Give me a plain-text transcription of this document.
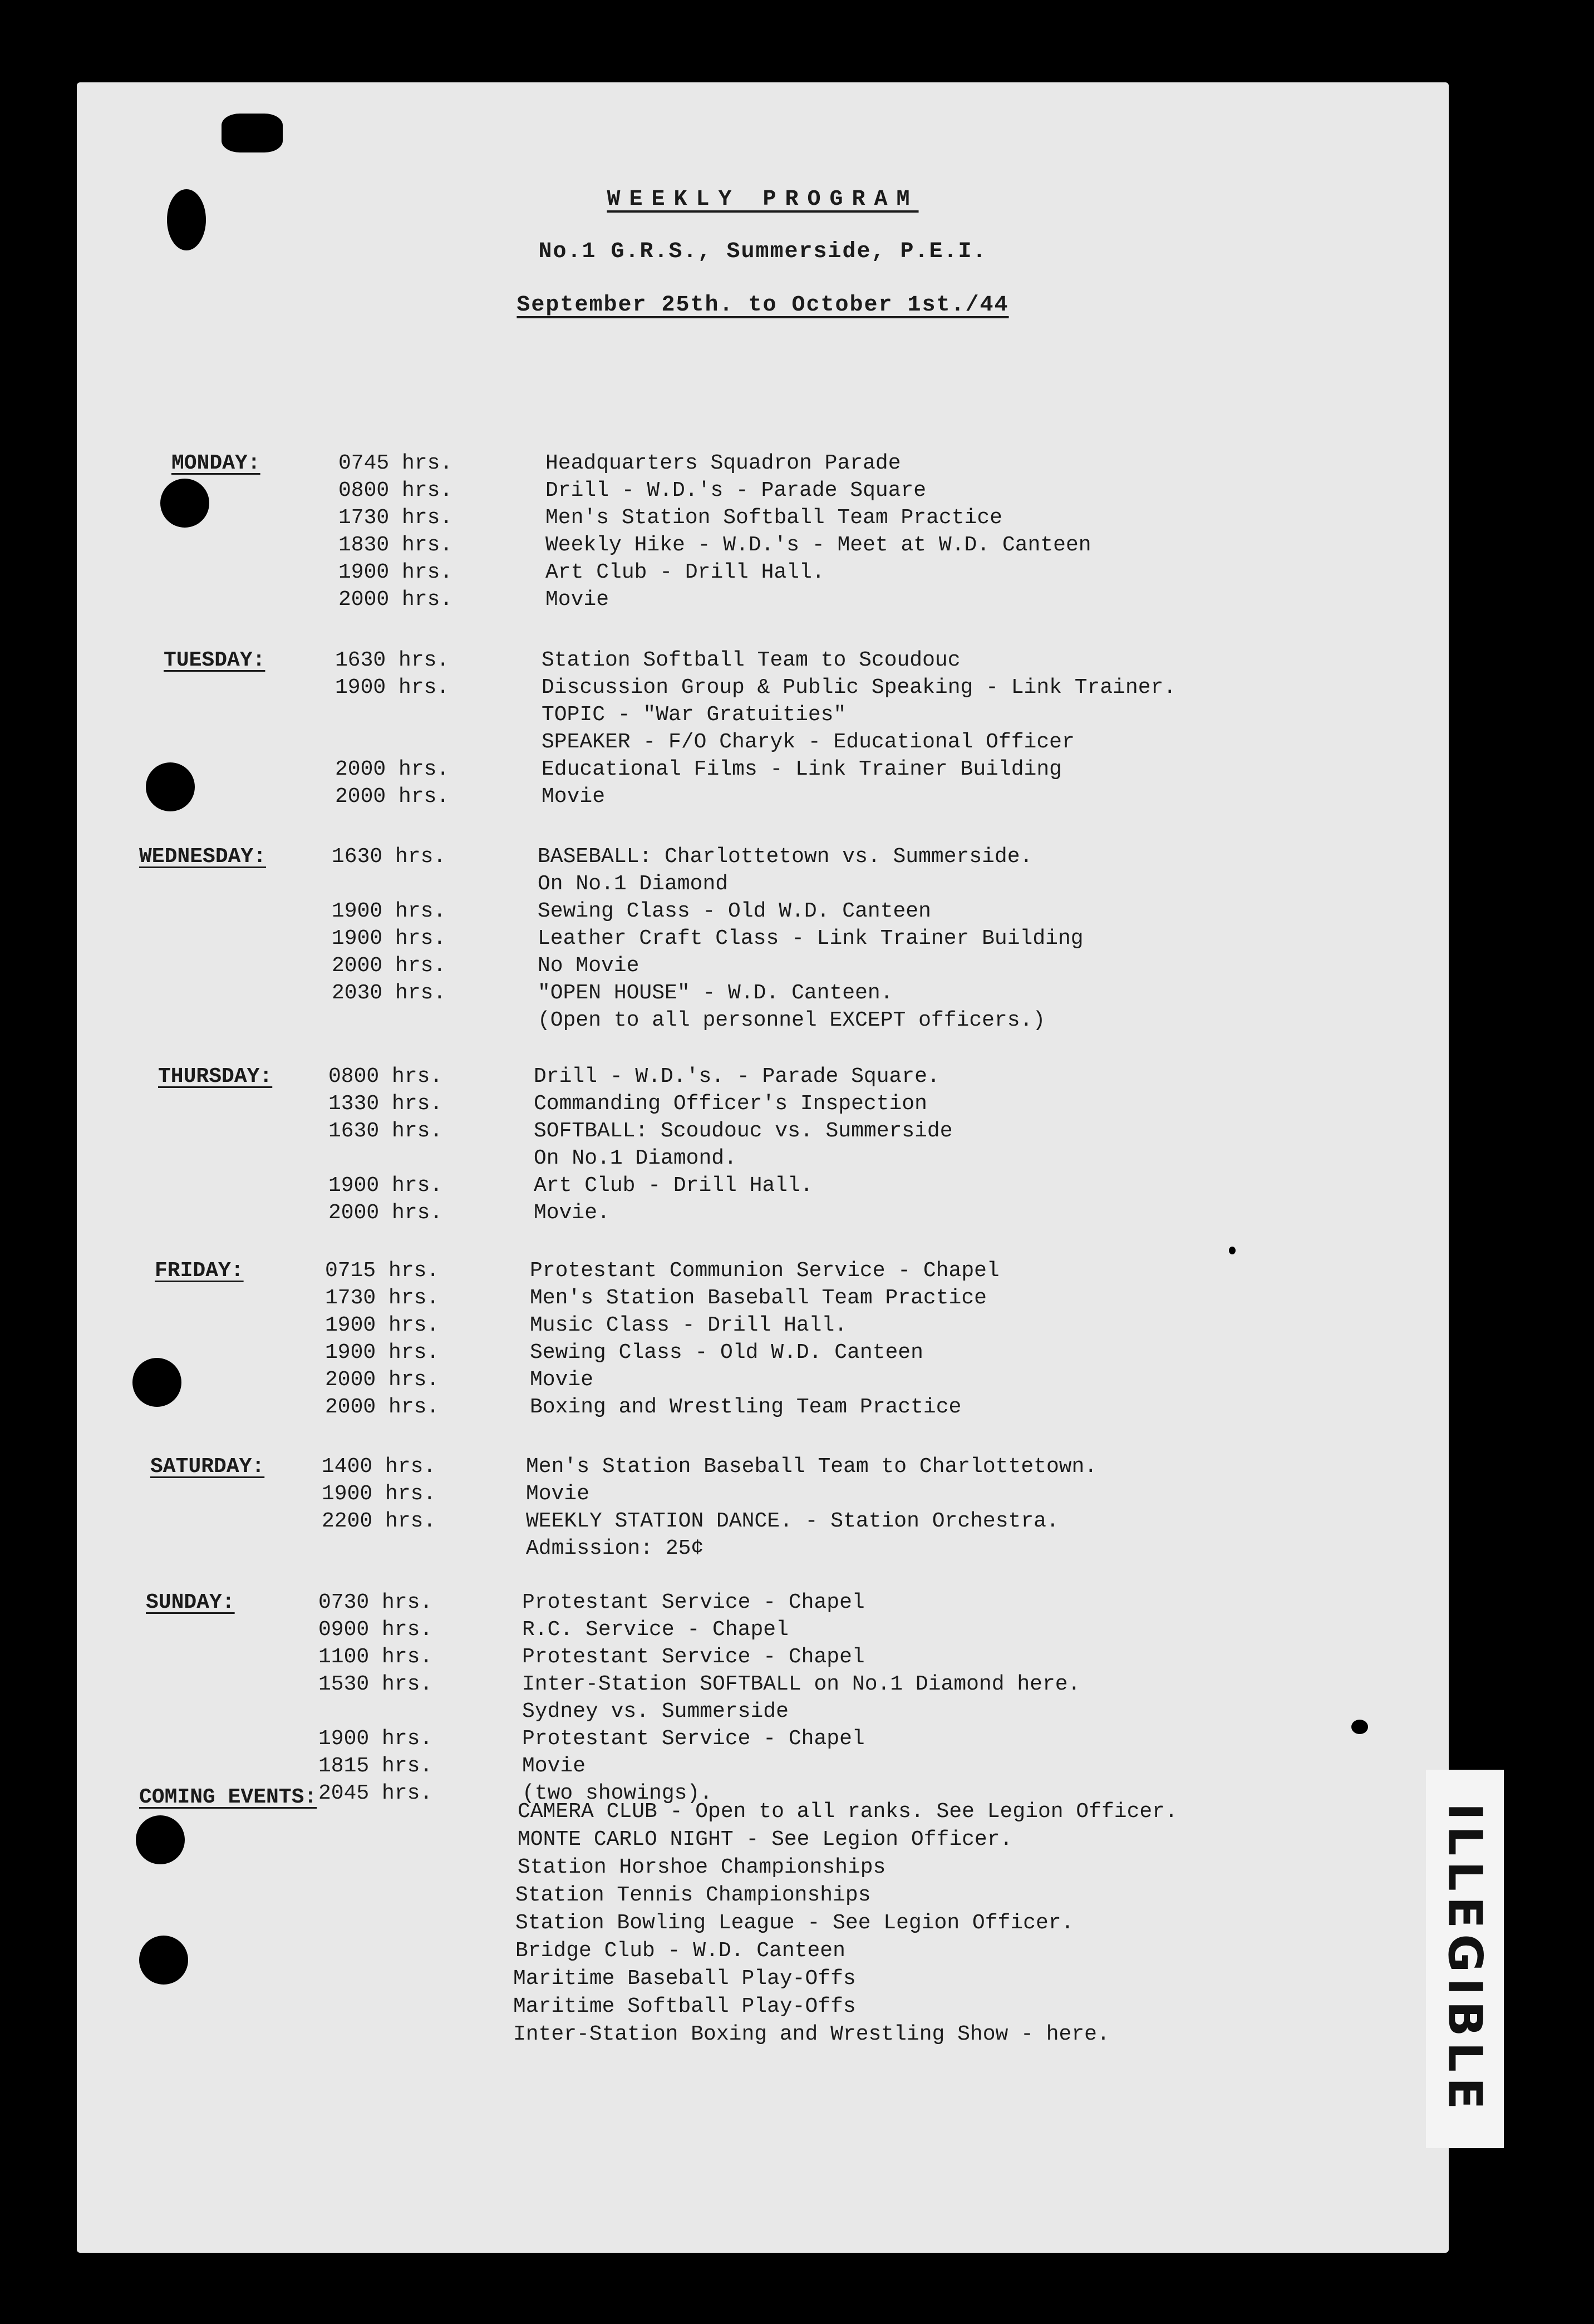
WEEKLY PROGRAM
No.1 G.R.S., Summerside, P.E.I.
September 25th. to October 1st./44
MONDAY:	0745 hrs.	Headquarters Squadron Parade
0800 hrs.	Drill - W.D.'s - Parade Square
1730 hrs.	Men's Station Softball Team Practice
1830 hrs.	Weekly Hike - W.D.'s - Meet at W.D. Canteen
1900 hrs.	Art Club - Drill Hall.
2000 hrs.	Movie
TUESDAY:	1630 hrs.	Station Softball Team to Scoudouc
1900 hrs.	Discussion Group & Public Speaking - Link Trainer.
TOPIC - "War Gratuities"
SPEAKER - F/O Charyk - Educational Officer
2000 hrs.	Educational Films - Link Trainer Building
2000 hrs.	Movie
WEDNESDAY:	1630 hrs.	BASEBALL: Charlottetown vs. Summerside.
On No.1 Diamond
1900 hrs.	Sewing Class - Old W.D. Canteen
1900 hrs.	Leather Craft Class - Link Trainer Building
2000 hrs.	No Movie
2030 hrs.	"OPEN HOUSE" - W.D. Canteen.
(Open to all personnel EXCEPT officers.)
THURSDAY:	0800 hrs.	Drill - W.D.'s. - Parade Square.
1330 hrs.	Commanding Officer's Inspection
1630 hrs.	SOFTBALL: Scoudouc vs. Summerside
On No.1 Diamond.
1900 hrs.	Art Club - Drill Hall.
2000 hrs.	Movie.
FRIDAY:	0715 hrs.	Protestant Communion Service - Chapel
1730 hrs.	Men's Station Baseball Team Practice
1900 hrs.	Music Class - Drill Hall.
1900 hrs.	Sewing Class - Old W.D. Canteen
2000 hrs.	Movie
2000 hrs.	Boxing and Wrestling Team Practice
SATURDAY:	1400 hrs.	Men's Station Baseball Team to Charlottetown.
1900 hrs.	Movie
2200 hrs.	WEEKLY STATION DANCE. - Station Orchestra.
Admission: 25¢
SUNDAY:	0730 hrs.	Protestant Service - Chapel
0900 hrs.	R.C. Service - Chapel
1100 hrs.	Protestant Service - Chapel
1530 hrs.	Inter-Station SOFTBALL on No.1 Diamond here.
Sydney vs. Summerside
1900 hrs.	Protestant Service - Chapel
1815 hrs.	Movie
2045 hrs.	(two showings).
COMING EVENTS:
CAMERA CLUB - Open to all ranks. See Legion Officer.
MONTE CARLO NIGHT - See Legion Officer.
Station Horshoe Championships
Station Tennis Championships
Station Bowling League - See Legion Officer.
Bridge Club - W.D. Canteen
Maritime Baseball Play-Offs
Maritime Softball Play-Offs
Inter-Station Boxing and Wrestling Show - here.	ILLEGIBLE
